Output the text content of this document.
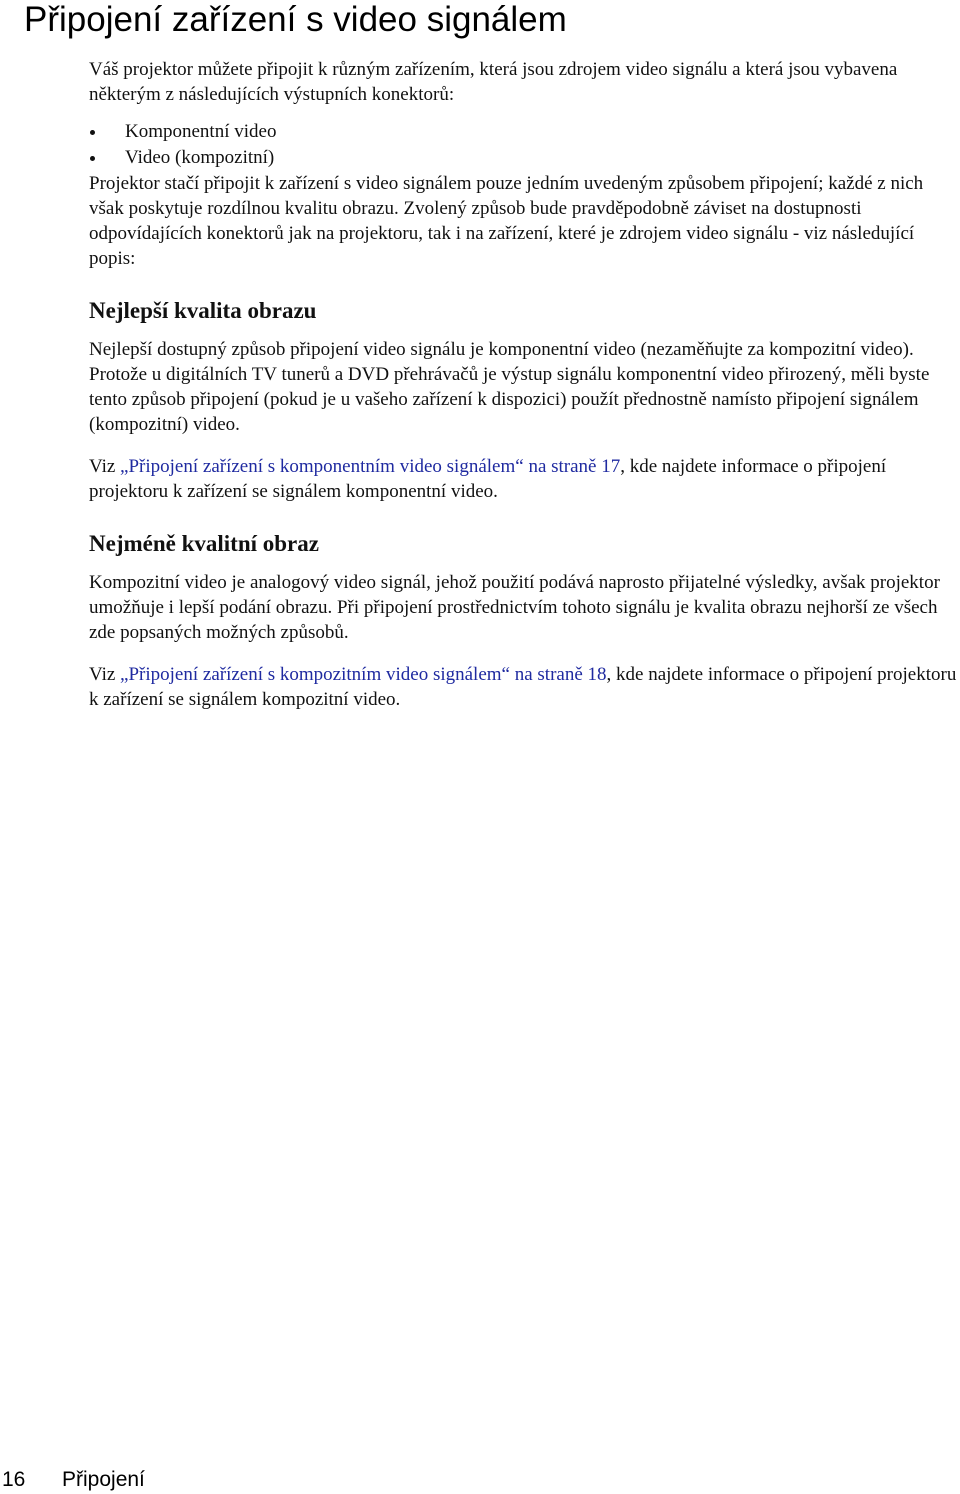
Připojení zařízení s video signálem

Váš projektor můžete připojit k různým zařízením, která jsou zdrojem video signálu a která jsou vybavena některým z následujících výstupních konektorů:

Komponentní video
Video (kompozitní)

Projektor stačí připojit k zařízení s video signálem pouze jedním uvedeným způsobem připojení; každé z nich však poskytuje rozdílnou kvalitu obrazu. Zvolený způsob bude pravděpodobně záviset na dostupnosti odpovídajících konektorů jak na projektoru, tak i na zařízení, které je zdrojem video signálu - viz následující popis:

Nejlepší kvalita obrazu

Nejlepší dostupný způsob připojení video signálu je komponentní video (nezaměňujte za kompozitní video). Protože u digitálních TV tunerů a DVD přehrávačů je výstup signálu komponentní video přirozený, měli byste tento způsob připojení (pokud je u vašeho zařízení k dispozici) použít přednostně namísto připojení signálem (kompozitní) video.

Viz „Připojení zařízení s komponentním video signálem“ na straně 17, kde najdete informace o připojení projektoru k zařízení se signálem komponentní video.

Nejméně kvalitní obraz

Kompozitní video je analogový video signál, jehož použití podává naprosto přijatelné výsledky, avšak projektor umožňuje i lepší podání obrazu. Při připojení prostřednictvím tohoto signálu je kvalita obrazu nejhorší ze všech zde popsaných možných způsobů.

Viz „Připojení zařízení s kompozitním video signálem“ na straně 18, kde najdete informace o připojení projektoru k zařízení se signálem kompozitní video.

16 Připojení
